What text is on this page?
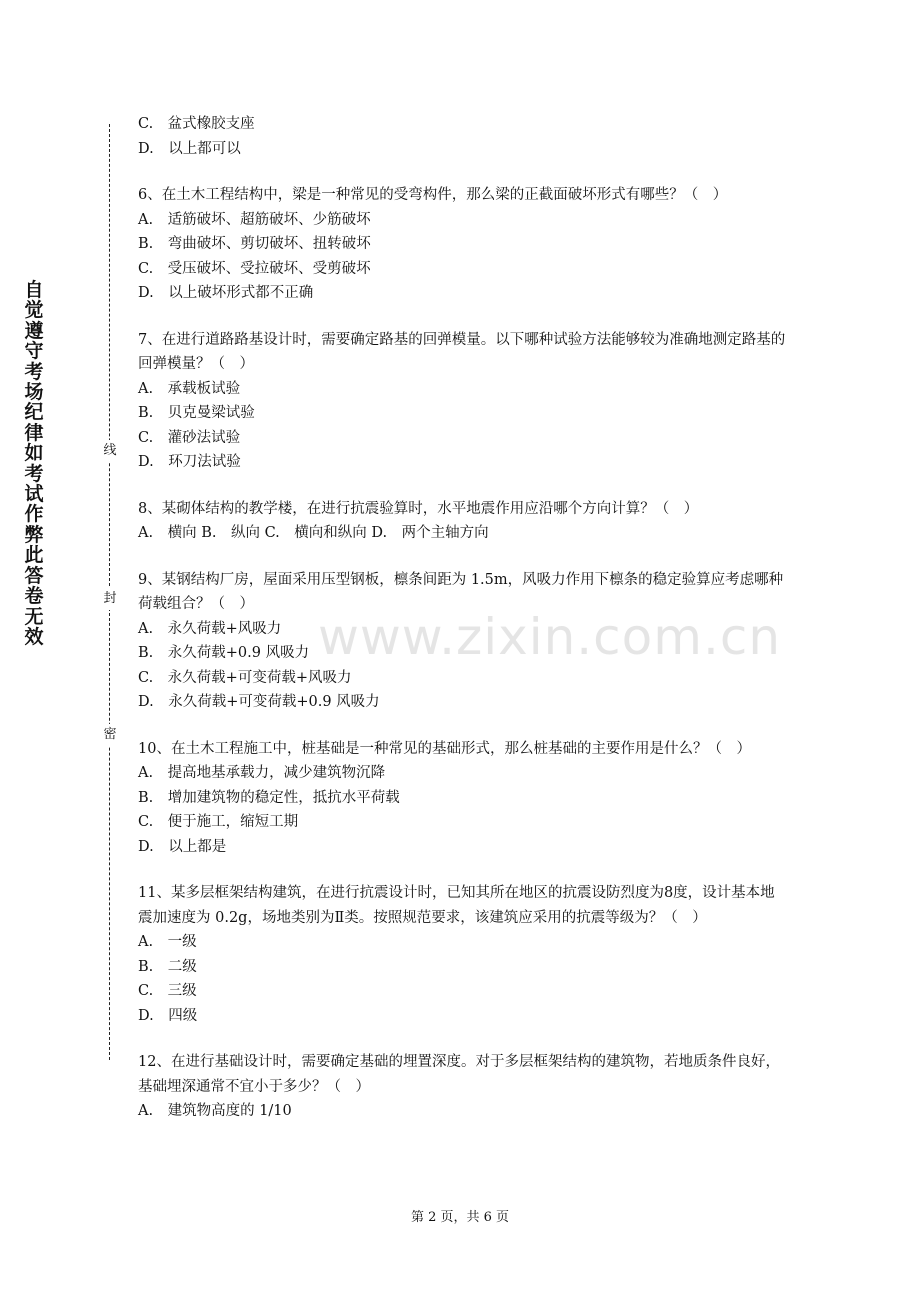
自
觉
遵
守
考
场
纪
律
如
考
试
作
弊
此
答
卷
无
效
线
封
密
C.　盆式橡胶支座
D.　以上都可以
6、在土木工程结构中，梁是一种常见的受弯构件，那么梁的正截面破坏形式有哪些？（　）
A.　适筋破坏、超筋破坏、少筋破坏
B.　弯曲破坏、剪切破坏、扭转破坏
C.　受压破坏、受拉破坏、受剪破坏
D.　以上破坏形式都不正确
7、在进行道路路基设计时，需要确定路基的回弹模量。以下哪种试验方法能够较为准确地测定路基的回弹模量？（　）
A.　承载板试验
B.　贝克曼梁试验
C.　灌砂法试验
D.　环刀法试验
8、某砌体结构的教学楼，在进行抗震验算时，水平地震作用应沿哪个方向计算？（　）
A.　横向 B.　纵向 C.　横向和纵向 D.　两个主轴方向
9、某钢结构厂房，屋面采用压型钢板，檩条间距为 1.5m，风吸力作用下檩条的稳定验算应考虑哪种荷载组合？（　）
A.　永久荷载+风吸力
B.　永久荷载+0.9 风吸力
C.　永久荷载+可变荷载+风吸力
D.　永久荷载+可变荷载+0.9 风吸力
10、在土木工程施工中，桩基础是一种常见的基础形式，那么桩基础的主要作用是什么？（　）
A.　提高地基承载力，减少建筑物沉降
B.　增加建筑物的稳定性，抵抗水平荷载
C.　便于施工，缩短工期
D.　以上都是
11、某多层框架结构建筑，在进行抗震设计时，已知其所在地区的抗震设防烈度为8度，设计基本地震加速度为 0.2g，场地类别为Ⅱ类。按照规范要求，该建筑应采用的抗震等级为？（　）
A.　一级
B.　二级
C.　三级
D.　四级
12、在进行基础设计时，需要确定基础的埋置深度。对于多层框架结构的建筑物，若地质条件良好，基础埋深通常不宜小于多少？（　）
A.　建筑物高度的 1/10
www.zixin.com.cn
第 2 页，共 6 页
